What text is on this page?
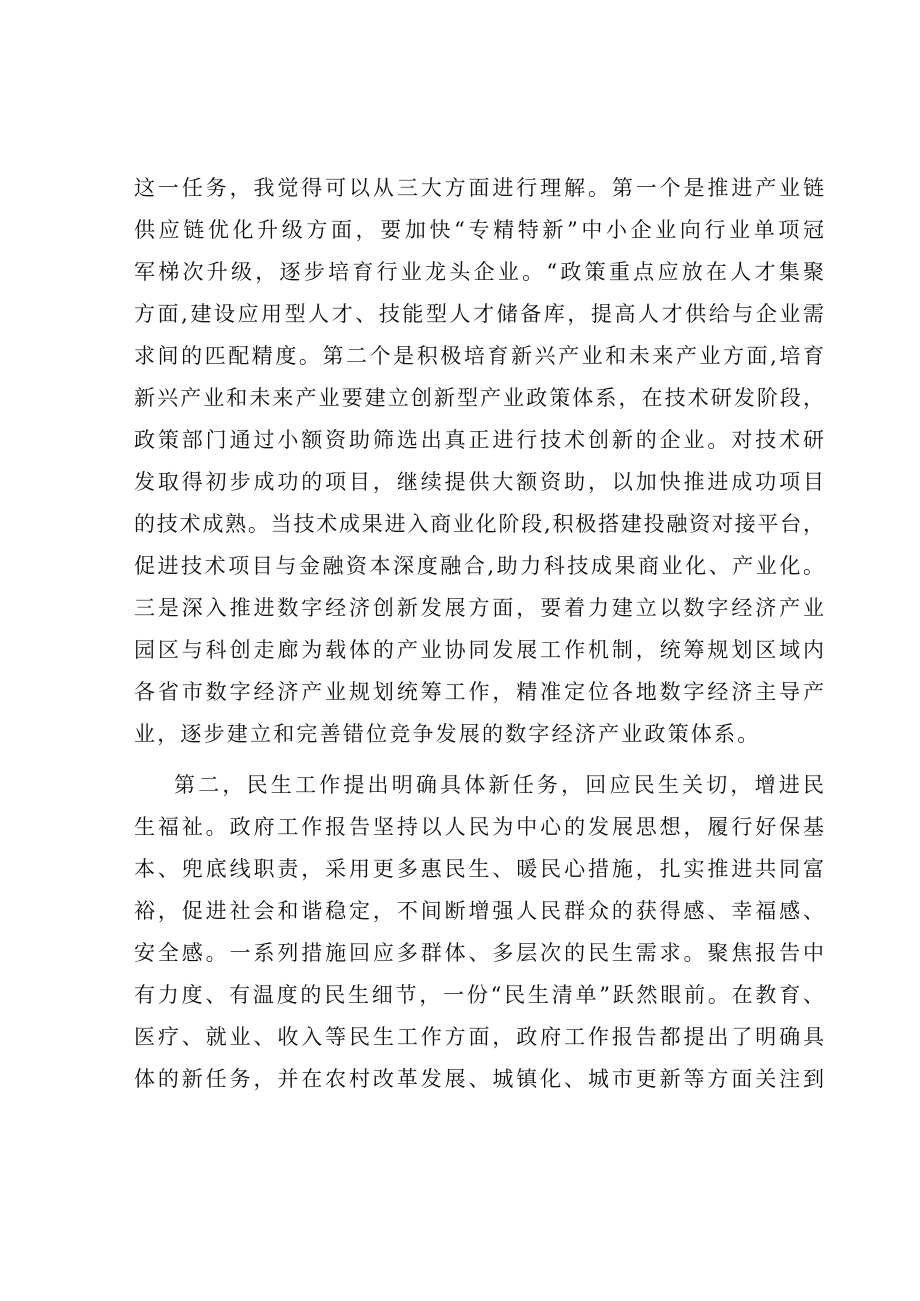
这一任务，我觉得可以从三大方面进行理解。第一个是推进产业链

供应链优化升级方面，要加快“专精特新”中小企业向行业单项冠

军梯次升级，逐步培育行业龙头企业。“政策重点应放在人才集聚

方面,建设应用型人才、技能型人才储备库，提高人才供给与企业需

求间的匹配精度。第二个是积极培育新兴产业和未来产业方面,培育

新兴产业和未来产业要建立创新型产业政策体系，在技术研发阶段，

政策部门通过小额资助筛选出真正进行技术创新的企业。对技术研

发取得初步成功的项目，继续提供大额资助，以加快推进成功项目

的技术成熟。当技术成果进入商业化阶段,积极搭建投融资对接平台，

促进技术项目与金融资本深度融合,助力科技成果商业化、产业化。

三是深入推进数字经济创新发展方面，要着力建立以数字经济产业

园区与科创走廊为载体的产业协同发展工作机制，统筹规划区域内

各省市数字经济产业规划统筹工作，精准定位各地数字经济主导产

业，逐步建立和完善错位竞争发展的数字经济产业政策体系。

第二，民生工作提出明确具体新任务，回应民生关切，增进民

生福祉。政府工作报告坚持以人民为中心的发展思想，履行好保基

本、兜底线职责，采用更多惠民生、暖民心措施，扎实推进共同富

裕，促进社会和谐稳定，不间断增强人民群众的获得感、幸福感、

安全感。一系列措施回应多群体、多层次的民生需求。聚焦报告中

有力度、有温度的民生细节，一份“民生清单”跃然眼前。在教育、

医疗、就业、收入等民生工作方面，政府工作报告都提出了明确具

体的新任务，并在农村改革发展、城镇化、城市更新等方面关注到
